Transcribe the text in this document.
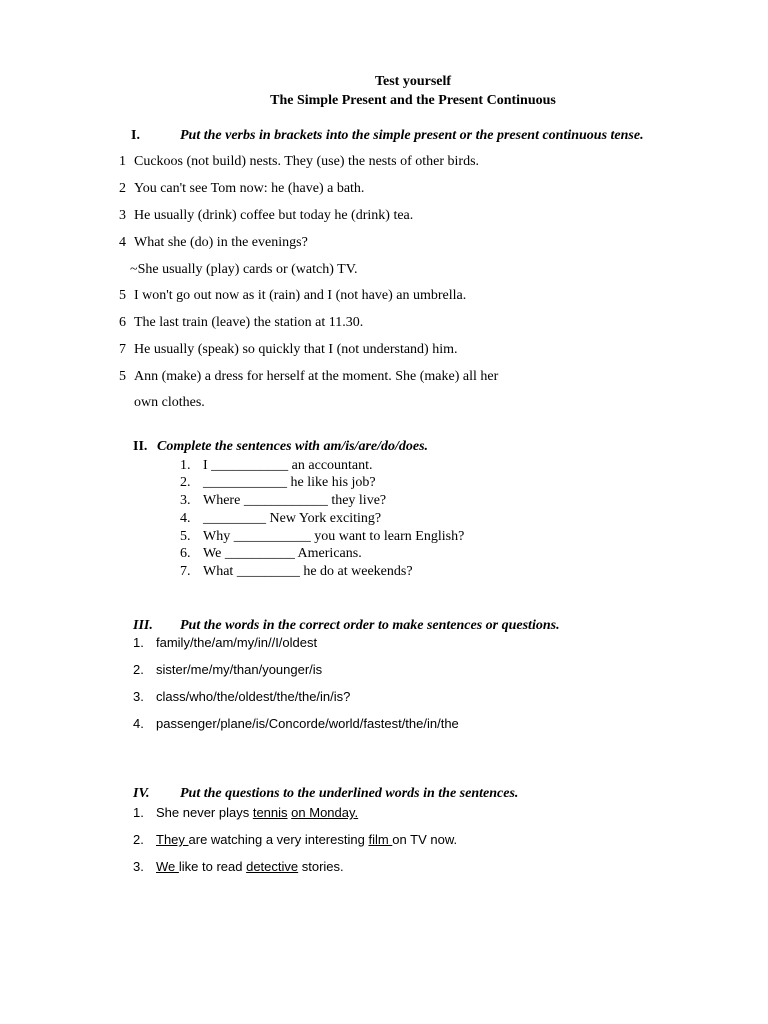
Test yourself
The Simple Present and the Present Continuous
I.	Put the verbs in brackets into the simple present or the present continuous tense.
1 Cuckoos (not build) nests. They (use) the nests of other birds.
2 You can't see Tom now: he (have) a bath.
3 He usually (drink) coffee but today he (drink) tea.
4 What she (do) in the evenings?
~She usually (play) cards or (watch) TV.
5 I won't go out now as it (rain) and I (not have) an umbrella.
6 The last train (leave) the station at 11.30.
7 He usually (speak) so quickly that I (not understand) him.
5 Ann (make) a dress for herself at the moment. She (make) all her
own clothes.
II. Complete the sentences with am/is/are/do/does.
1. I ___________ an accountant.
2. ____________ he like his job?
3. Where ____________ they live?
4. _________ New York exciting?
5. Why ___________ you want to learn English?
6. We __________ Americans.
7. What _________ he do at weekends?
III. Put the words in the correct order to make sentences or questions.
1. family/the/am/my/in//I/oldest
2. sister/me/my/than/younger/is
3. class/who/the/oldest/the/the/in/is?
4. passenger/plane/is/Concorde/world/fastest/the/in/the
IV. Put the questions to the underlined words in the sentences.
1. She never plays tennis on Monday.
2. They are watching a very interesting film on TV now.
3. We like to read detective stories.
